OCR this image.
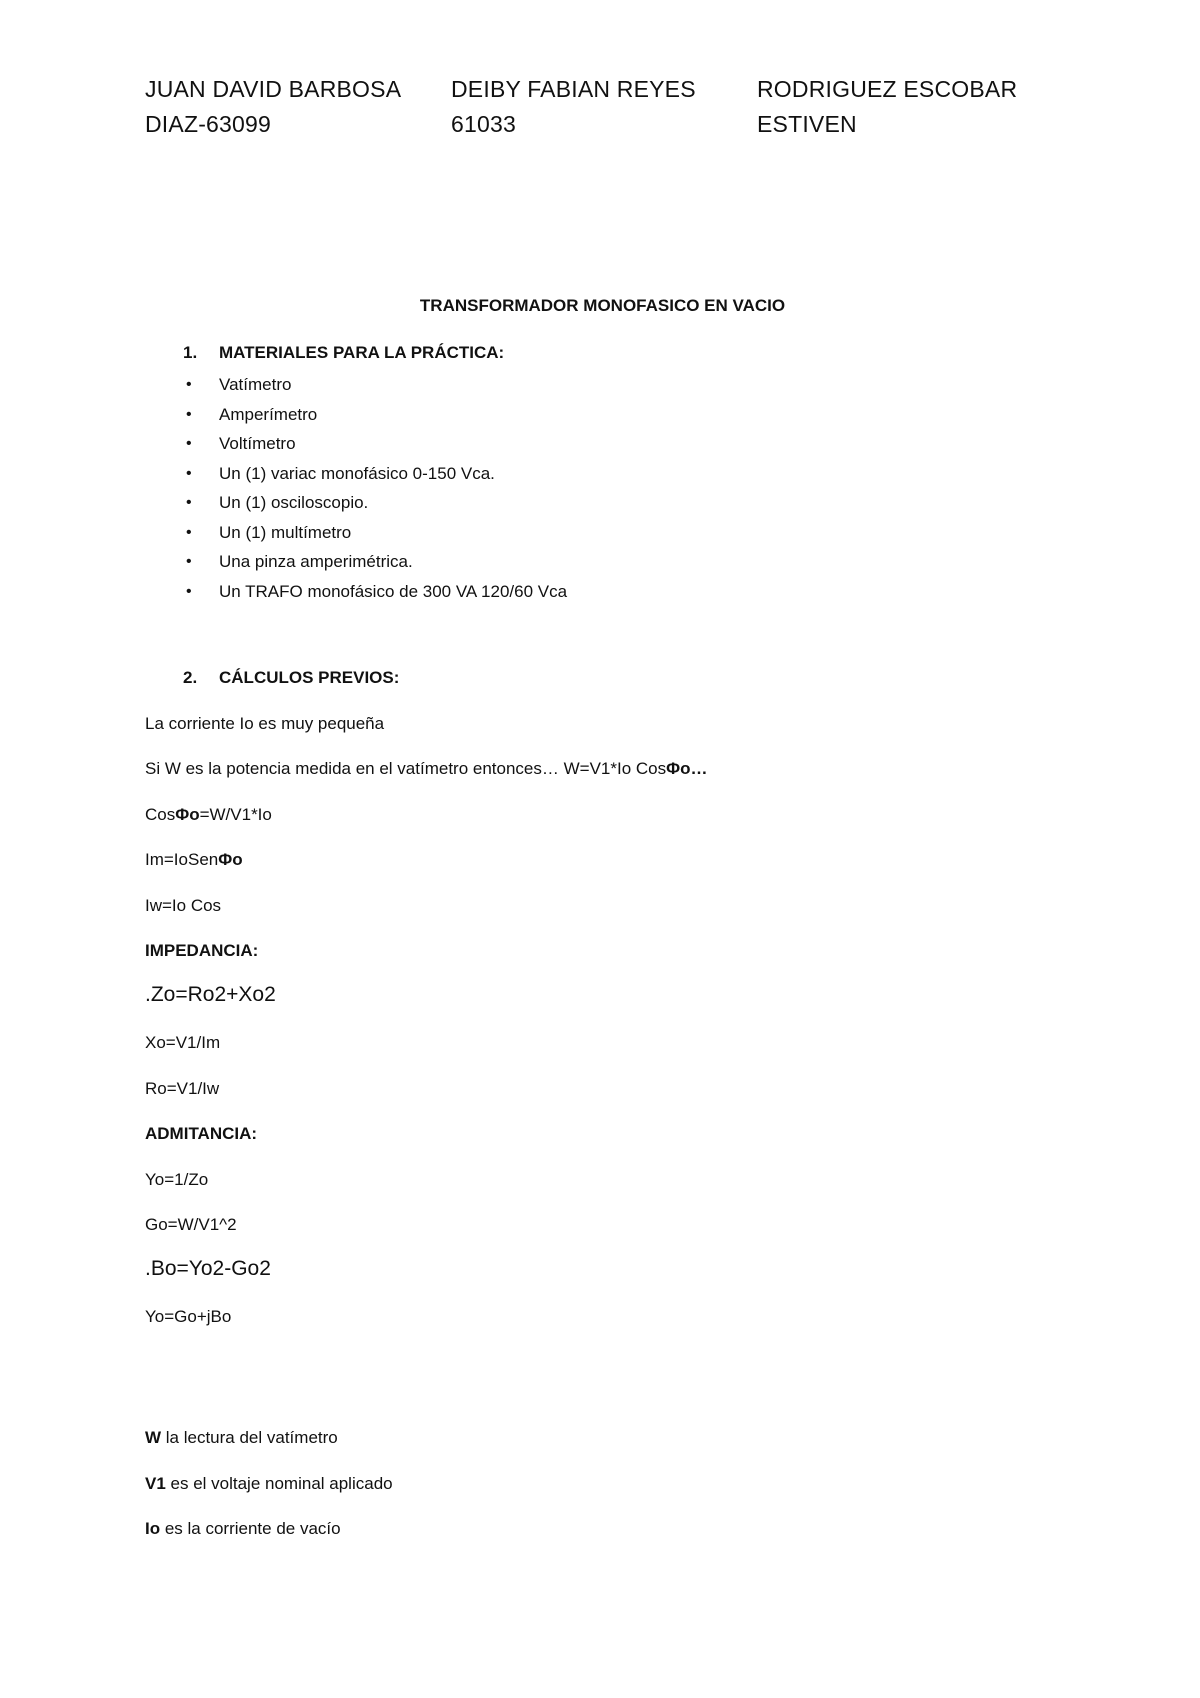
JUAN DAVID BARBOSA
DIAZ-63099
DEIBY FABIAN REYES
61033
RODRIGUEZ ESCOBAR
ESTIVEN
TRANSFORMADOR MONOFASICO EN VACIO
1. MATERIALES PARA LA PRÁCTICA:
• Vatímetro
• Amperímetro
• Voltímetro
• Un (1) variac monofásico 0-150 Vca.
• Un (1) osciloscopio.
• Un (1) multímetro
• Una pinza amperimétrica.
• Un TRAFO monofásico de 300 VA 120/60 Vca
2. CÁLCULOS PREVIOS:
La corriente Io es muy pequeña
Si W es la potencia medida en el vatímetro entonces… W=V1*Io CosΦo…
CosΦo=W/V1*Io
Im=IoSenΦo
Iw=Io Cos
IMPEDANCIA:
.Zo=Ro2+Xo2
Xo=V1/Im
Ro=V1/Iw
ADMITANCIA:
Yo=1/Zo
Go=W/V1^2
.Bo=Yo2-Go2
Yo=Go+jBo
W la lectura del vatímetro
V1 es el voltaje nominal aplicado
Io es la corriente de vacío
